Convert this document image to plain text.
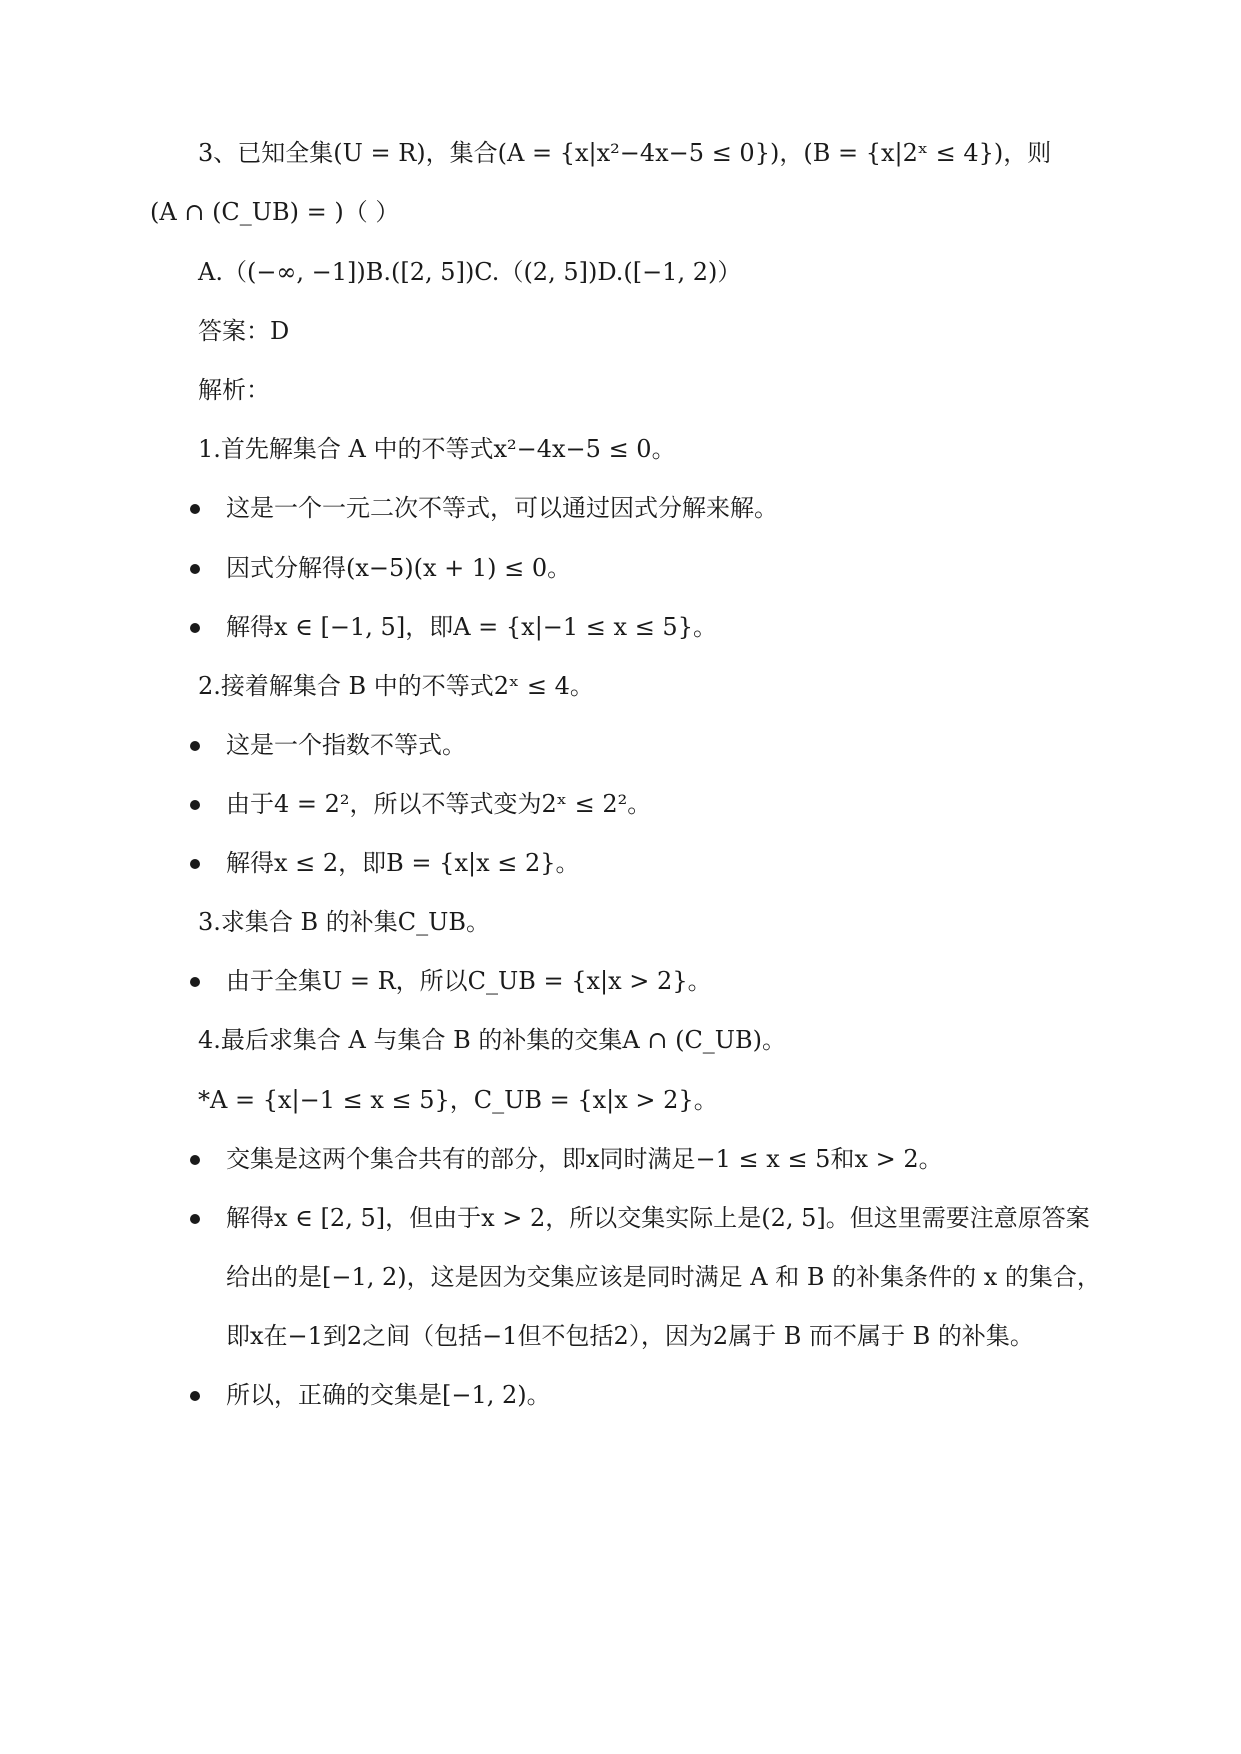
3、已知全集(U = R)，集合(A = {x|x²−4x−5 ≤ 0})，(B = {x|2ˣ ≤ 4})，则
(A ∩ (C_UB) = )（ ）
A.（(−∞, −1])B.([2, 5])C.（(2, 5])D.([−1, 2)）
答案：D
解析：
1.首先解集合 A 中的不等式x²−4x−5 ≤ 0。
这是一个一元二次不等式，可以通过因式分解来解。
因式分解得(x−5)(x + 1) ≤ 0。
解得x ∈ [−1, 5]，即A = {x|−1 ≤ x ≤ 5}。
2.接着解集合 B 中的不等式2ˣ ≤ 4。
这是一个指数不等式。
由于4 = 2²，所以不等式变为2ˣ ≤ 2²。
解得x ≤ 2，即B = {x|x ≤ 2}。
3.求集合 B 的补集C_UB。
由于全集U = R，所以C_UB = {x|x > 2}。
4.最后求集合 A 与集合 B 的补集的交集A ∩ (C_UB)。
*A = {x|−1 ≤ x ≤ 5}，C_UB = {x|x > 2}。
交集是这两个集合共有的部分，即x同时满足−1 ≤ x ≤ 5和x > 2。
解得x ∈ [2, 5]，但由于x > 2，所以交集实际上是(2, 5]。但这里需要注意原答案
给出的是[−1, 2)，这是因为交集应该是同时满足 A 和 B 的补集条件的 x 的集合，
即x在−1到2之间（包括−1但不包括2），因为2属于 B 而不属于 B 的补集。
所以，正确的交集是[−1, 2)。
